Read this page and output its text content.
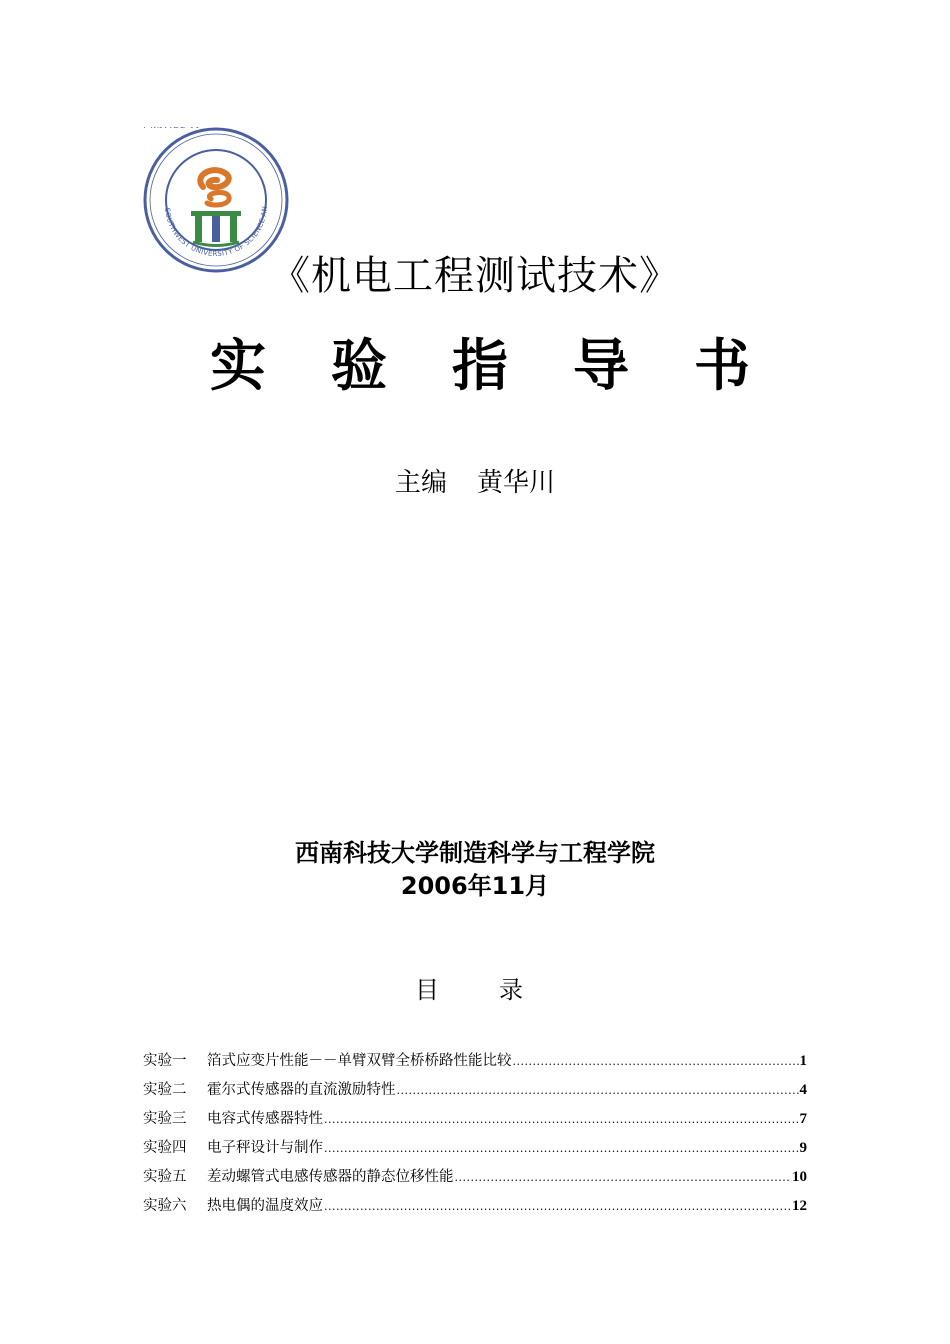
SOUTHWEST UNIVERSITY OF SCIENCE AN
《机电工程测试技术》
实 验 指 导 书
主编 黄华川
西南科技大学制造科学与工程学院
2006年11月
目	录
实验一	箔式应变片性能－－单臂双臂全桥桥路性能比较 .....	1
实验二	霍尔式传感器的直流激励特性 .....	4
实验三	电容式传感器特性 .....	7
实验四	电子秤设计与制作 .....	9
实验五	差动螺管式电感传感器的静态位移性能 .....	10
实验六	热电偶的温度效应 .....	12
